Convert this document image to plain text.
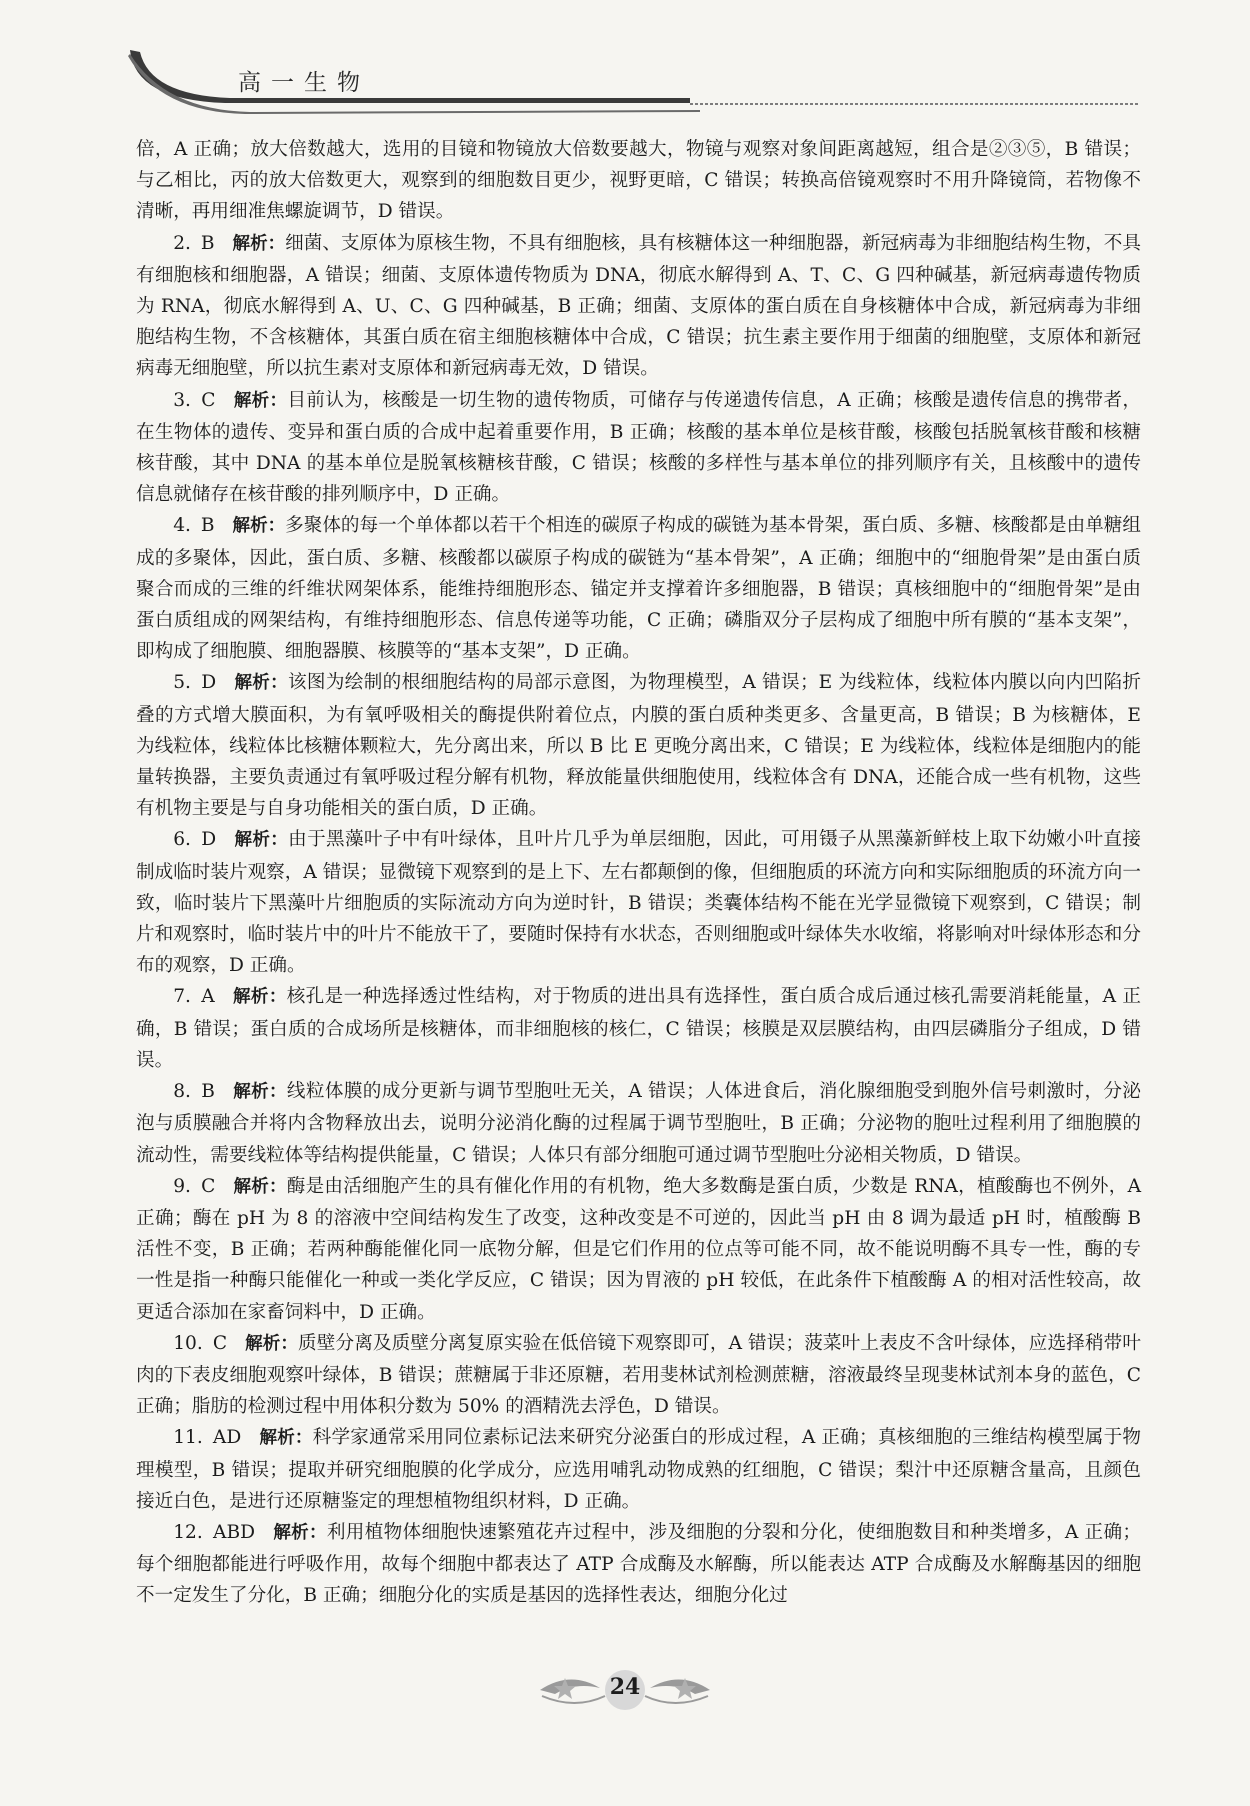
高一生物

倍，A 正确；放大倍数越大，选用的目镜和物镜放大倍数要越大，物镜与观察对象间距离越短，组合是②③⑤，B 错误；与乙相比，丙的放大倍数更大，观察到的细胞数目更少，视野更暗，C 错误；转换高倍镜观察时不用升降镜筒，若物像不清晰，再用细准焦螺旋调节，D 错误。

2. B 解析：细菌、支原体为原核生物，不具有细胞核，具有核糖体这一种细胞器，新冠病毒为非细胞结构生物，不具有细胞核和细胞器，A 错误；细菌、支原体遗传物质为 DNA，彻底水解得到 A、T、C、G 四种碱基，新冠病毒遗传物质为 RNA，彻底水解得到 A、U、C、G 四种碱基，B 正确；细菌、支原体的蛋白质在自身核糖体中合成，新冠病毒为非细胞结构生物，不含核糖体，其蛋白质在宿主细胞核糖体中合成，C 错误；抗生素主要作用于细菌的细胞壁，支原体和新冠病毒无细胞壁，所以抗生素对支原体和新冠病毒无效，D 错误。

3. C 解析：目前认为，核酸是一切生物的遗传物质，可储存与传递遗传信息，A 正确；核酸是遗传信息的携带者，在生物体的遗传、变异和蛋白质的合成中起着重要作用，B 正确；核酸的基本单位是核苷酸，核酸包括脱氧核苷酸和核糖核苷酸，其中 DNA 的基本单位是脱氧核糖核苷酸，C 错误；核酸的多样性与基本单位的排列顺序有关，且核酸中的遗传信息就储存在核苷酸的排列顺序中，D 正确。

4. B 解析：多聚体的每一个单体都以若干个相连的碳原子构成的碳链为基本骨架，蛋白质、多糖、核酸都是由单糖组成的多聚体，因此，蛋白质、多糖、核酸都以碳原子构成的碳链为“基本骨架”，A 正确；细胞中的“细胞骨架”是由蛋白质聚合而成的三维的纤维状网架体系，能维持细胞形态、锚定并支撑着许多细胞器，B 错误；真核细胞中的“细胞骨架”是由蛋白质组成的网架结构，有维持细胞形态、信息传递等功能，C 正确；磷脂双分子层构成了细胞中所有膜的“基本支架”，即构成了细胞膜、细胞器膜、核膜等的“基本支架”，D 正确。

5. D 解析：该图为绘制的根细胞结构的局部示意图，为物理模型，A 错误；E 为线粒体，线粒体内膜以向内凹陷折叠的方式增大膜面积，为有氧呼吸相关的酶提供附着位点，内膜的蛋白质种类更多、含量更高，B 错误；B 为核糖体，E 为线粒体，线粒体比核糖体颗粒大，先分离出来，所以 B 比 E 更晚分离出来，C 错误；E 为线粒体，线粒体是细胞内的能量转换器，主要负责通过有氧呼吸过程分解有机物，释放能量供细胞使用，线粒体含有 DNA，还能合成一些有机物，这些有机物主要是与自身功能相关的蛋白质，D 正确。

6. D 解析：由于黑藻叶子中有叶绿体，且叶片几乎为单层细胞，因此，可用镊子从黑藻新鲜枝上取下幼嫩小叶直接制成临时装片观察，A 错误；显微镜下观察到的是上下、左右都颠倒的像，但细胞质的环流方向和实际细胞质的环流方向一致，临时装片下黑藻叶片细胞质的实际流动方向为逆时针，B 错误；类囊体结构不能在光学显微镜下观察到，C 错误；制片和观察时，临时装片中的叶片不能放干了，要随时保持有水状态，否则细胞或叶绿体失水收缩，将影响对叶绿体形态和分布的观察，D 正确。

7. A 解析：核孔是一种选择透过性结构，对于物质的进出具有选择性，蛋白质合成后通过核孔需要消耗能量，A 正确，B 错误；蛋白质的合成场所是核糖体，而非细胞核的核仁，C 错误；核膜是双层膜结构，由四层磷脂分子组成，D 错误。

8. B 解析：线粒体膜的成分更新与调节型胞吐无关，A 错误；人体进食后，消化腺细胞受到胞外信号刺激时，分泌泡与质膜融合并将内含物释放出去，说明分泌消化酶的过程属于调节型胞吐，B 正确；分泌物的胞吐过程利用了细胞膜的流动性，需要线粒体等结构提供能量，C 错误；人体只有部分细胞可通过调节型胞吐分泌相关物质，D 错误。

9. C 解析：酶是由活细胞产生的具有催化作用的有机物，绝大多数酶是蛋白质，少数是 RNA，植酸酶也不例外，A 正确；酶在 pH 为 8 的溶液中空间结构发生了改变，这种改变是不可逆的，因此当 pH 由 8 调为最适 pH 时，植酸酶 B 活性不变，B 正确；若两种酶能催化同一底物分解，但是它们作用的位点等可能不同，故不能说明酶不具专一性，酶的专一性是指一种酶只能催化一种或一类化学反应，C 错误；因为胃液的 pH 较低，在此条件下植酸酶 A 的相对活性较高，故更适合添加在家畜饲料中，D 正确。

10. C 解析：质壁分离及质壁分离复原实验在低倍镜下观察即可，A 错误；菠菜叶上表皮不含叶绿体，应选择稍带叶肉的下表皮细胞观察叶绿体，B 错误；蔗糖属于非还原糖，若用斐林试剂检测蔗糖，溶液最终呈现斐林试剂本身的蓝色，C 正确；脂肪的检测过程中用体积分数为 50% 的酒精洗去浮色，D 错误。

11. AD 解析：科学家通常采用同位素标记法来研究分泌蛋白的形成过程，A 正确；真核细胞的三维结构模型属于物理模型，B 错误；提取并研究细胞膜的化学成分，应选用哺乳动物成熟的红细胞，C 错误；梨汁中还原糖含量高，且颜色接近白色，是进行还原糖鉴定的理想植物组织材料，D 正确。

12. ABD 解析：利用植物体细胞快速繁殖花卉过程中，涉及细胞的分裂和分化，使细胞数目和种类增多，A 正确；每个细胞都能进行呼吸作用，故每个细胞中都表达了 ATP 合成酶及水解酶，所以能表达 ATP 合成酶及水解酶基因的细胞不一定发生了分化，B 正确；细胞分化的实质是基因的选择性表达，细胞分化过

24
